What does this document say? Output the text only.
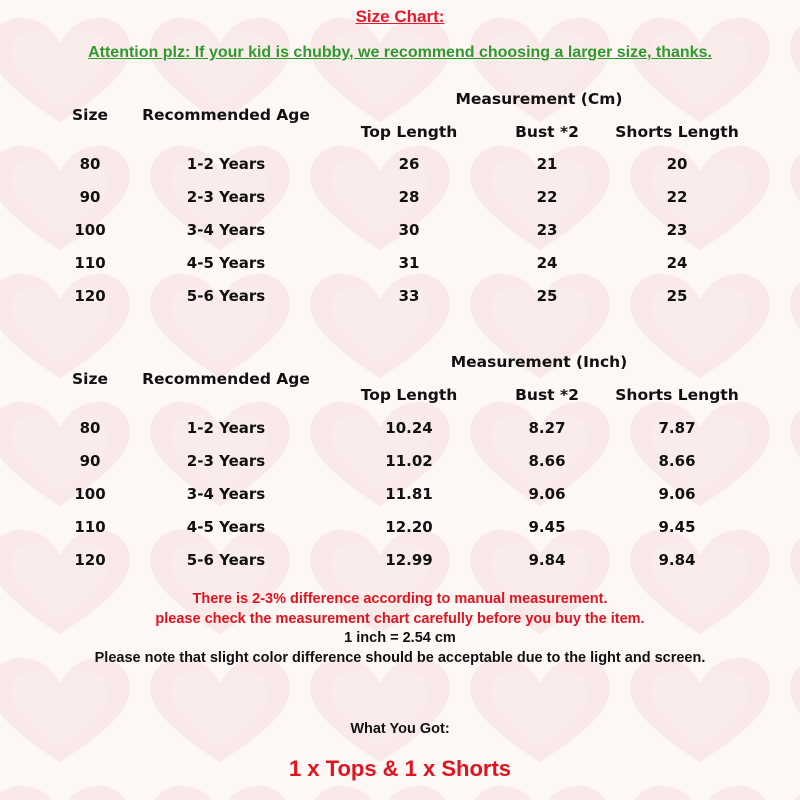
Size Chart:
Attention plz: If your kid is chubby, we recommend choosing a larger size, thanks.
Measurement (Cm)
Size Recommended Age
Top Length	Bust *2 Shorts Length
80	1-2 Years	26	21	20
90	2-3 Years	28	22	22
100	3-4 Years	30	23	23
110	4-5 Years	31	24	24
120	5-6 Years	33	25	25
Measurement (Inch)
Size Recommended Age
Top Length	Bust *2 Shorts Length
80	1-2 Years	10.24	8.27	7.87
90	2-3 Years	11.02	8.66	8.66
100	3-4 Years	11.81	9.06	9.06
110	4-5 Years	12.20	9.45	9.45
120	5-6 Years	12.99	9.84	9.84
There is 2-3% difference according to manual measurement.
please check the measurement chart carefully before you buy the item.
1 inch = 2.54 cm
Please note that slight color difference should be acceptable due to the light and screen.
What You Got:
1 x Tops & 1 x Shorts
